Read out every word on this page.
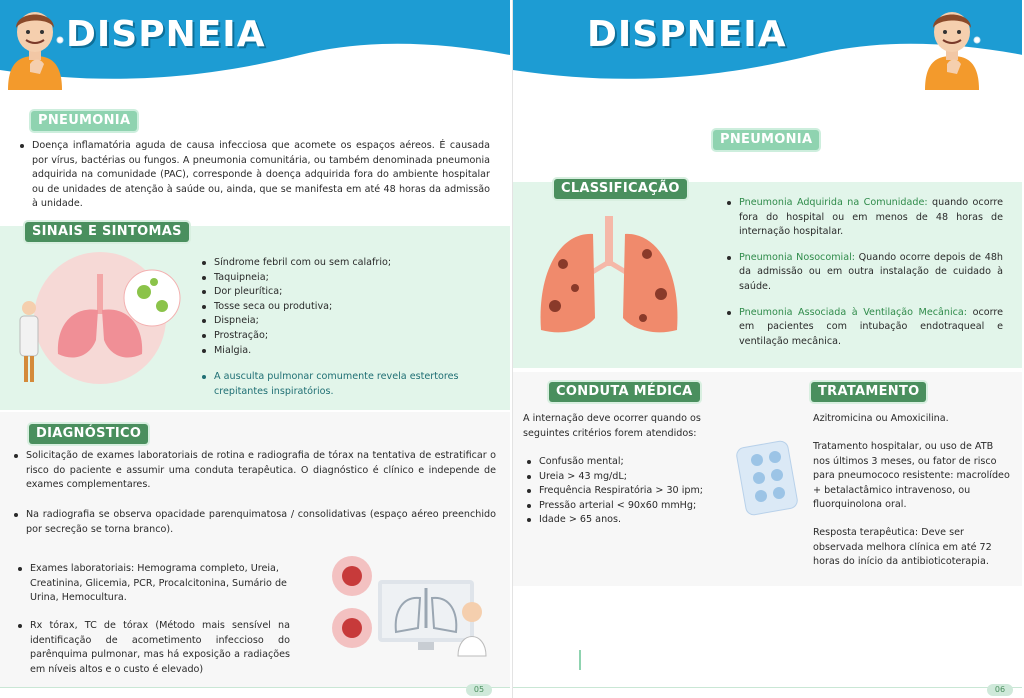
DISPNEIA
PNEUMONIA
Doença inflamatória aguda de causa infecciosa que acomete os espaços aéreos. É causada por vírus, bactérias ou fungos. A pneumonia comunitária, ou também denominada pneumonia adquirida na comunidade (PAC), corresponde à doença adquirida fora do ambiente hospitalar ou de unidades de atenção à saúde ou, ainda, que se manifesta em até 48 horas da admissão à unidade.
SINAIS E SINTOMAS
Síndrome febril com ou sem calafrio;
Taquipneia;
Dor pleurítica;
Tosse seca ou produtiva;
Dispneia;
Prostração;
Mialgia.
A ausculta pulmonar comumente revela estertores crepitantes inspiratórios.
DIAGNÓSTICO
Solicitação de exames laboratoriais de rotina e radiografia de tórax na tentativa de estratificar o risco do paciente e assumir uma conduta terapêutica. O diagnóstico é clínico e independe de exames complementares.
Na radiografia se observa opacidade parenquimatosa / consolidativas (espaço aéreo preenchido por secreção se torna branco).
Exames laboratoriais: Hemograma completo, Ureia, Creatinina, Glicemia, PCR, Procalcitonina, Sumário de Urina, Hemocultura.
Rx tórax, TC de tórax (Método mais sensível na identificação de acometimento infeccioso do parênquima pulmonar, mas há exposição a radiações em níveis altos e o custo é elevado)
05
DISPNEIA
PNEUMONIA
CLASSIFICAÇÃO
Pneumonia Adquirida na Comunidade: quando ocorre fora do hospital ou em menos de 48 horas de internação hospitalar.
Pneumonia Nosocomial: Quando ocorre depois de 48h da admissão ou em outra instalação de cuidado à saúde.
Pneumonia Associada à Ventilação Mecânica: ocorre em pacientes com intubação endotraqueal e ventilação mecânica.
CONDUTA MÉDICA	TRATAMENTO
A internação deve ocorrer quando os seguintes critérios forem atendidos:
Confusão mental;
Ureia > 43 mg/dL;
Frequência Respiratória > 30 ipm;
Pressão arterial < 90x60 mmHg;
Idade > 65 anos.
Azitromicina ou Amoxicilina.
Tratamento hospitalar, ou uso de ATB nos últimos 3 meses, ou fator de risco para pneumococo resistente: macrolídeo + betalactâmico intravenoso, ou fluorquinolona oral.
Resposta terapêutica: Deve ser observada melhora clínica em até 72 horas do início da antibioticoterapia.
06
